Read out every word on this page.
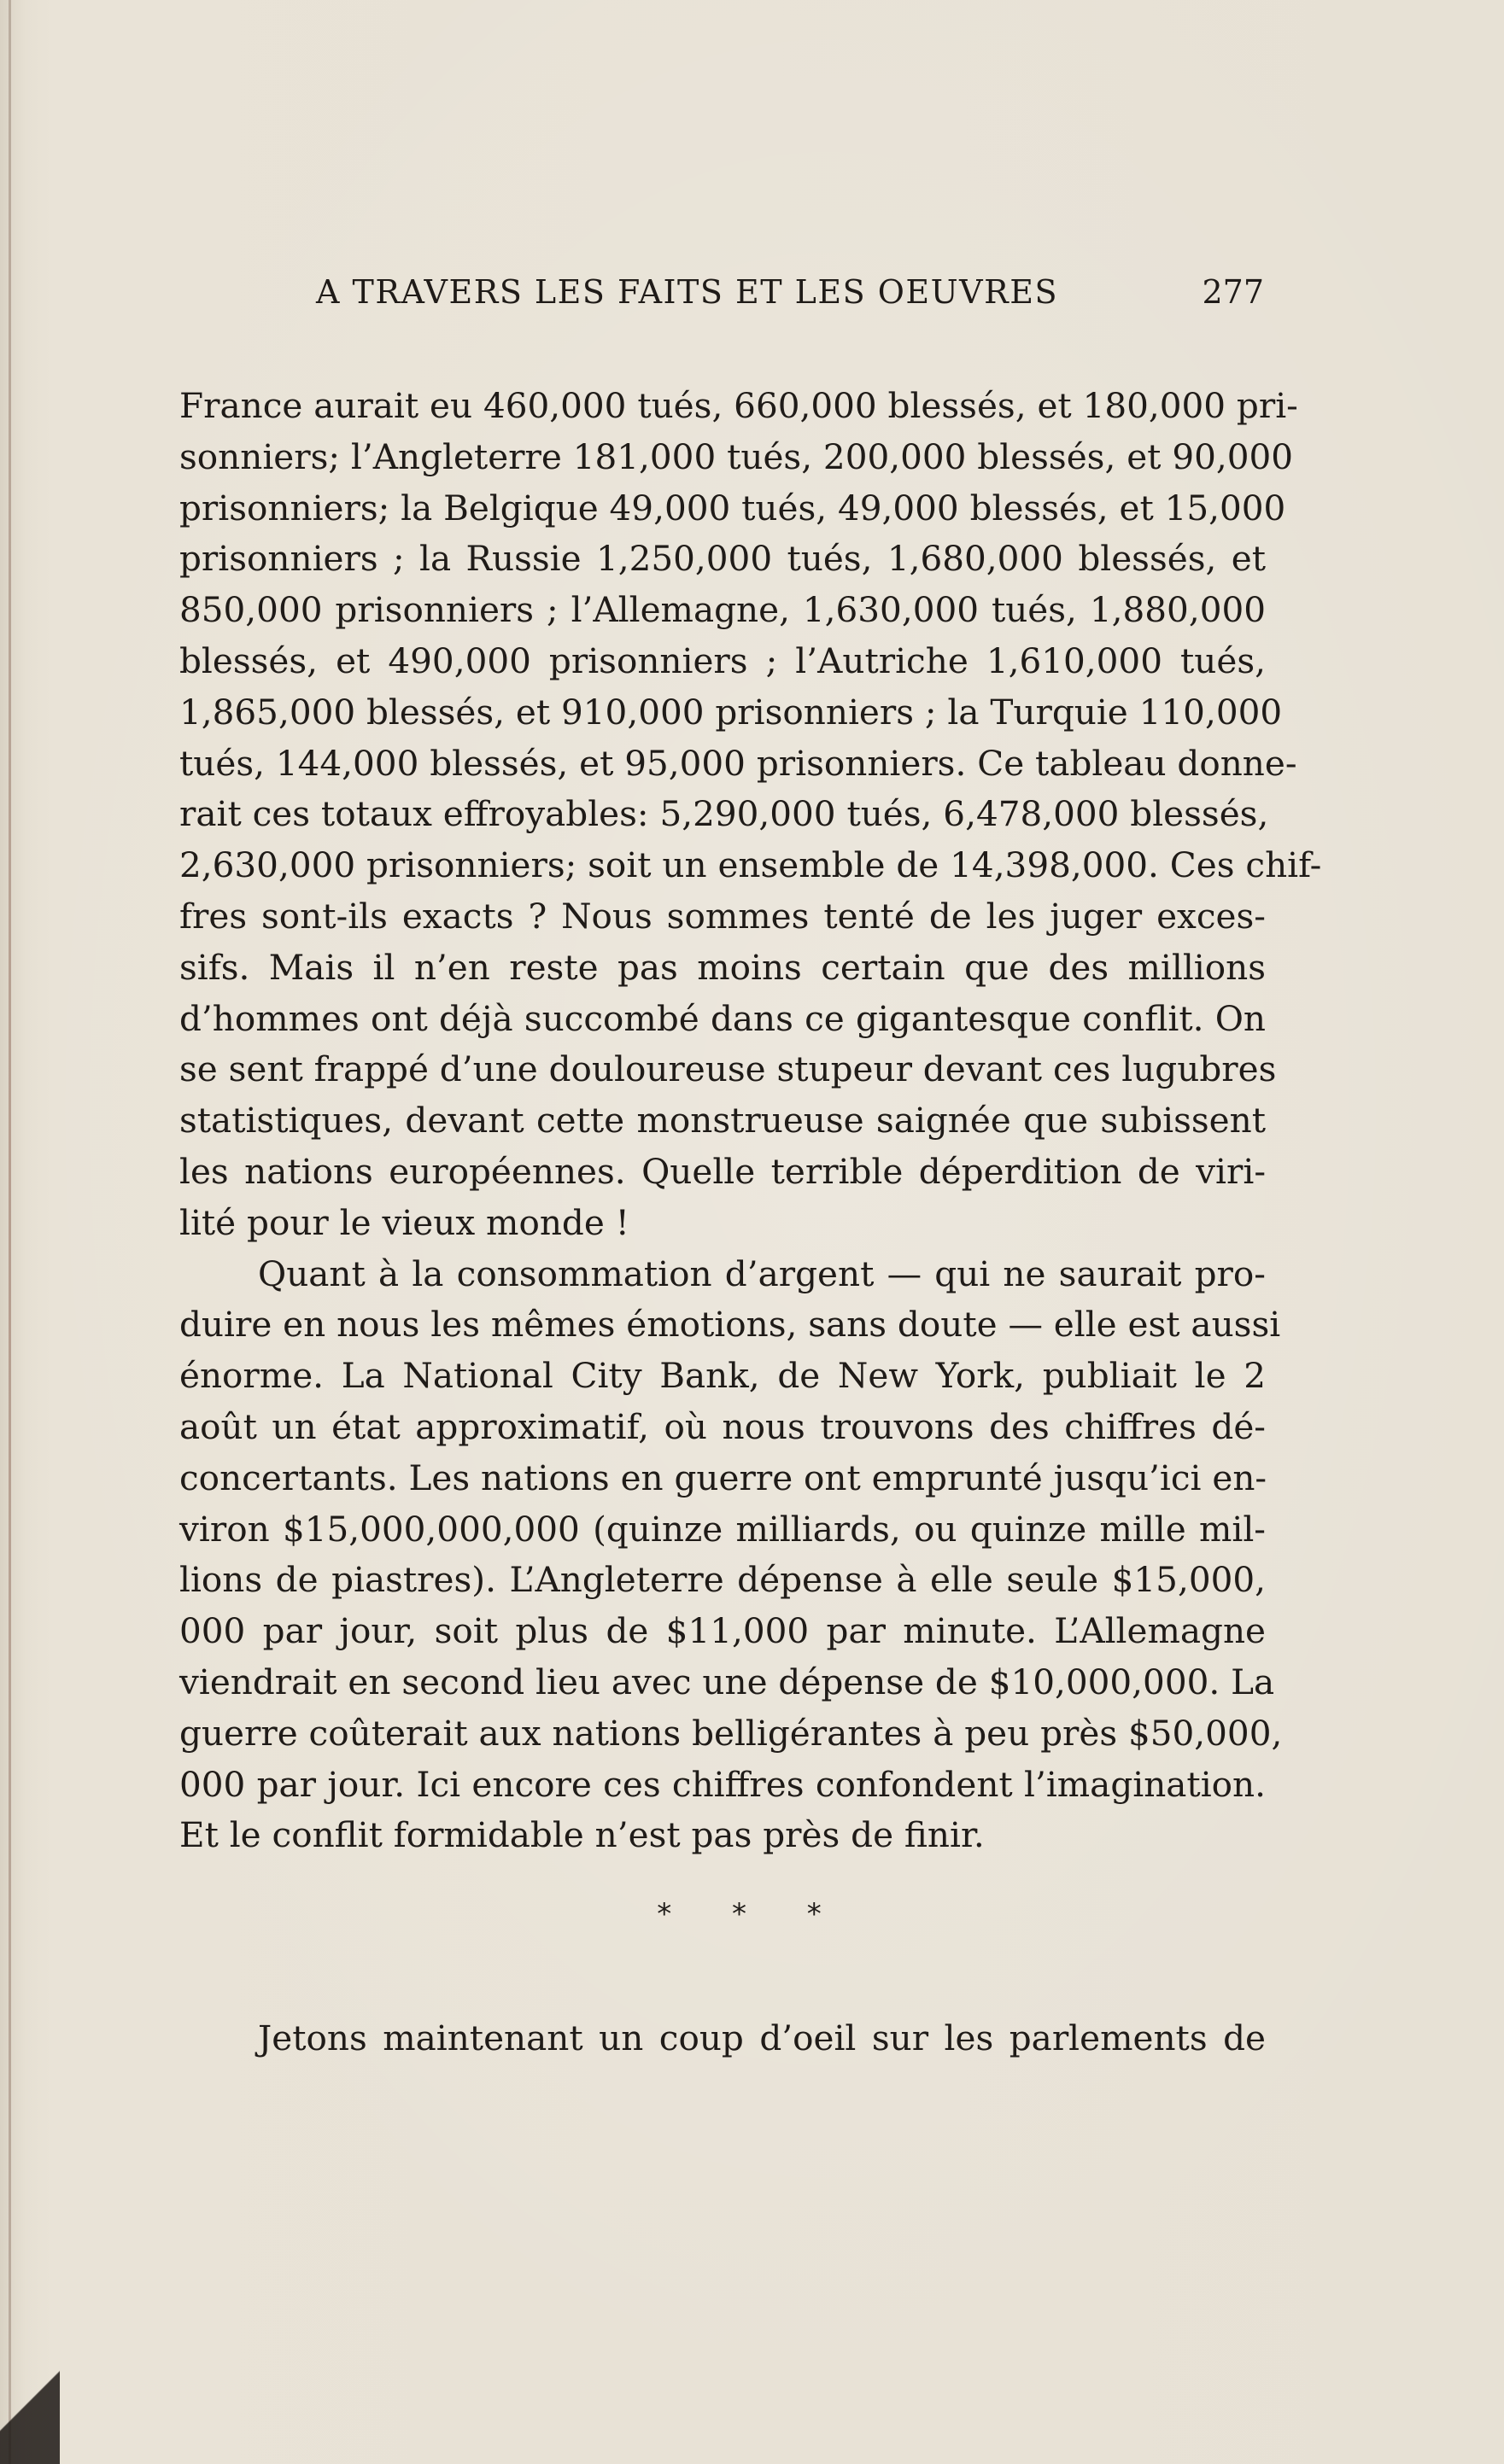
A TRAVERS LES FAITS ET LES OEUVRES	277
France aurait eu 460,000 tués, 660,000 blessés, et 180,000 pri-
sonniers; l’Angleterre 181,000 tués, 200,000 blessés, et 90,000
prisonniers; la Belgique 49,000 tués, 49,000 blessés, et 15,000
prisonniers ; la Russie 1,250,000 tués, 1,680,000 blessés, et
850,000 prisonniers ; l’Allemagne, 1,630,000 tués, 1,880,000
blessés, et 490,000 prisonniers ; l’Autriche 1,610,000 tués,
1,865,000 blessés, et 910,000 prisonniers ; la Turquie 110,000
tués, 144,000 blessés, et 95,000 prisonniers. Ce tableau donne-
rait ces totaux effroyables: 5,290,000 tués, 6,478,000 blessés,
2,630,000 prisonniers; soit un ensemble de 14,398,000. Ces chif-
fres sont-ils exacts ? Nous sommes tenté de les juger exces-
sifs. Mais il n’en reste pas moins certain que des millions
d’hommes ont déjà succombé dans ce gigantesque conflit. On
se sent frappé d’une douloureuse stupeur devant ces lugubres
statistiques, devant cette monstrueuse saignée que subissent
les nations européennes. Quelle terrible déperdition de viri-
lité pour le vieux monde !
Quant à la consommation d’argent — qui ne saurait pro-
duire en nous les mêmes émotions, sans doute — elle est aussi
énorme. La National City Bank, de New York, publiait le 2
août un état approximatif, où nous trouvons des chiffres dé-
concertants. Les nations en guerre ont emprunté jusqu’ici en-
viron $15,000,000,000 (quinze milliards, ou quinze mille mil-
lions de piastres). L’Angleterre dépense à elle seule $15,000,
000 par jour, soit plus de $11,000 par minute. L’Allemagne
viendrait en second lieu avec une dépense de $10,000,000. La
guerre coûterait aux nations belligérantes à peu près $50,000,
000 par jour. Ici encore ces chiffres confondent l’imagination.
Et le conflit formidable n’est pas près de finir.
* * *
Jetons maintenant un coup d’oeil sur les parlements de
